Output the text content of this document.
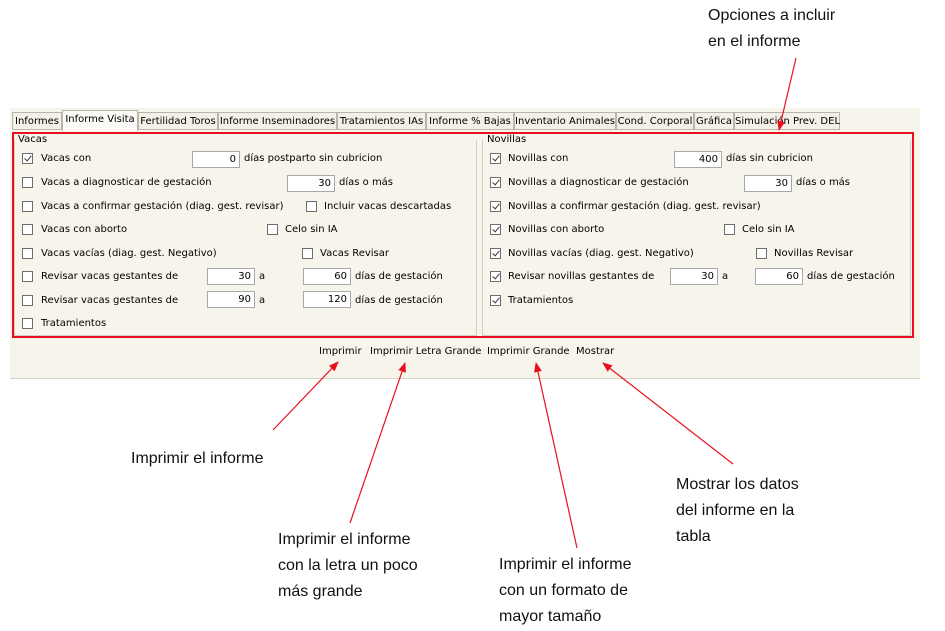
Informes Informe Visita Fertilidad Toros Informe Inseminadores Tratamientos IAs Informe % Bajas Inventario Animales Cond. Corporal Gráfica Simulación Prev. DEL
Vacas
Vacas con	0 días postparto sin cubricion
Vacas a diagnosticar de gestación	30 días o más
Vacas a confirmar gestación (diag. gest. revisar)	Incluir vacas descartadas
Vacas con aborto	Celo sin IA
Vacas vacías (diag. gest. Negativo)	Vacas Revisar
Revisar vacas gestantes de	30 a	60 días de gestación
Revisar vacas gestantes de	90 a	120 días de gestación
Tratamientos
Novillas
Novillas con	400 días sin cubricion
Novillas a diagnosticar de gestación	30 días o más
Novillas a confirmar gestación (diag. gest. revisar)
Novillas con aborto	Celo sin IA
Novillas vacías (diag. gest. Negativo)	Novillas Revisar
Revisar novillas gestantes de	30 a	60 días de gestación
Tratamientos
Imprimir Imprimir Letra Grande Imprimir Grande Mostrar
Opciones a incluir
en el informe
Imprimir el informe
Imprimir el informe
con la letra un poco
más grande
Imprimir el informe
con un formato de
mayor tamaño
Mostrar los datos
del informe en la
tabla
